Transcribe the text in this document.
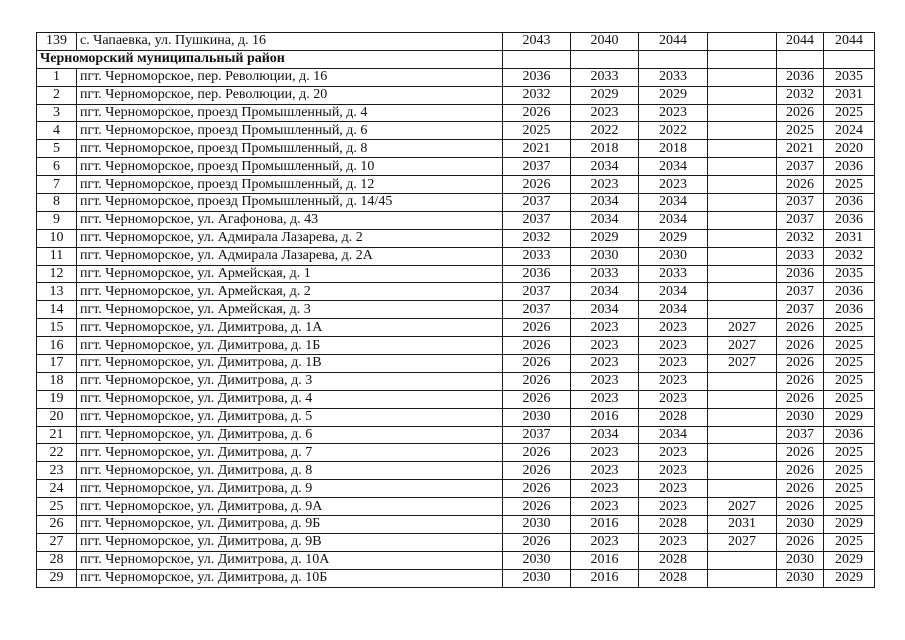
139	с. Чапаевка, ул. Пушкина, д. 16	2043	2040	2044		2044	2044
Черноморский муниципальный район							
1	пгт. Черноморское, пер. Революции, д. 16	2036	2033	2033		2036	2035
2	пгт. Черноморское, пер. Революции, д. 20	2032	2029	2029		2032	2031
3	пгт. Черноморское, проезд Промышленный, д. 4	2026	2023	2023		2026	2025
4	пгт. Черноморское, проезд Промышленный, д. 6	2025	2022	2022		2025	2024
5	пгт. Черноморское, проезд Промышленный, д. 8	2021	2018	2018		2021	2020
6	пгт. Черноморское, проезд Промышленный, д. 10	2037	2034	2034		2037	2036
7	пгт. Черноморское, проезд Промышленный, д. 12	2026	2023	2023		2026	2025
8	пгт. Черноморское, проезд Промышленный, д. 14/45	2037	2034	2034		2037	2036
9	пгт. Черноморское, ул. Агафонова, д. 43	2037	2034	2034		2037	2036
10	пгт. Черноморское, ул. Адмирала Лазарева, д. 2	2032	2029	2029		2032	2031
11	пгт. Черноморское, ул. Адмирала Лазарева, д. 2А	2033	2030	2030		2033	2032
12	пгт. Черноморское, ул. Армейская, д. 1	2036	2033	2033		2036	2035
13	пгт. Черноморское, ул. Армейская, д. 2	2037	2034	2034		2037	2036
14	пгт. Черноморское, ул. Армейская, д. 3	2037	2034	2034		2037	2036
15	пгт. Черноморское, ул. Димитрова, д. 1А	2026	2023	2023	2027	2026	2025
16	пгт. Черноморское, ул. Димитрова, д. 1Б	2026	2023	2023	2027	2026	2025
17	пгт. Черноморское, ул. Димитрова, д. 1В	2026	2023	2023	2027	2026	2025
18	пгт. Черноморское, ул. Димитрова, д. 3	2026	2023	2023		2026	2025
19	пгт. Черноморское, ул. Димитрова, д. 4	2026	2023	2023		2026	2025
20	пгт. Черноморское, ул. Димитрова, д. 5	2030	2016	2028		2030	2029
21	пгт. Черноморское, ул. Димитрова, д. 6	2037	2034	2034		2037	2036
22	пгт. Черноморское, ул. Димитрова, д. 7	2026	2023	2023		2026	2025
23	пгт. Черноморское, ул. Димитрова, д. 8	2026	2023	2023		2026	2025
24	пгт. Черноморское, ул. Димитрова, д. 9	2026	2023	2023		2026	2025
25	пгт. Черноморское, ул. Димитрова, д. 9А	2026	2023	2023	2027	2026	2025
26	пгт. Черноморское, ул. Димитрова, д. 9Б	2030	2016	2028	2031	2030	2029
27	пгт. Черноморское, ул. Димитрова, д. 9В	2026	2023	2023	2027	2026	2025
28	пгт. Черноморское, ул. Димитрова, д. 10А	2030	2016	2028		2030	2029
29	пгт. Черноморское, ул. Димитрова, д. 10Б	2030	2016	2028		2030	2029
